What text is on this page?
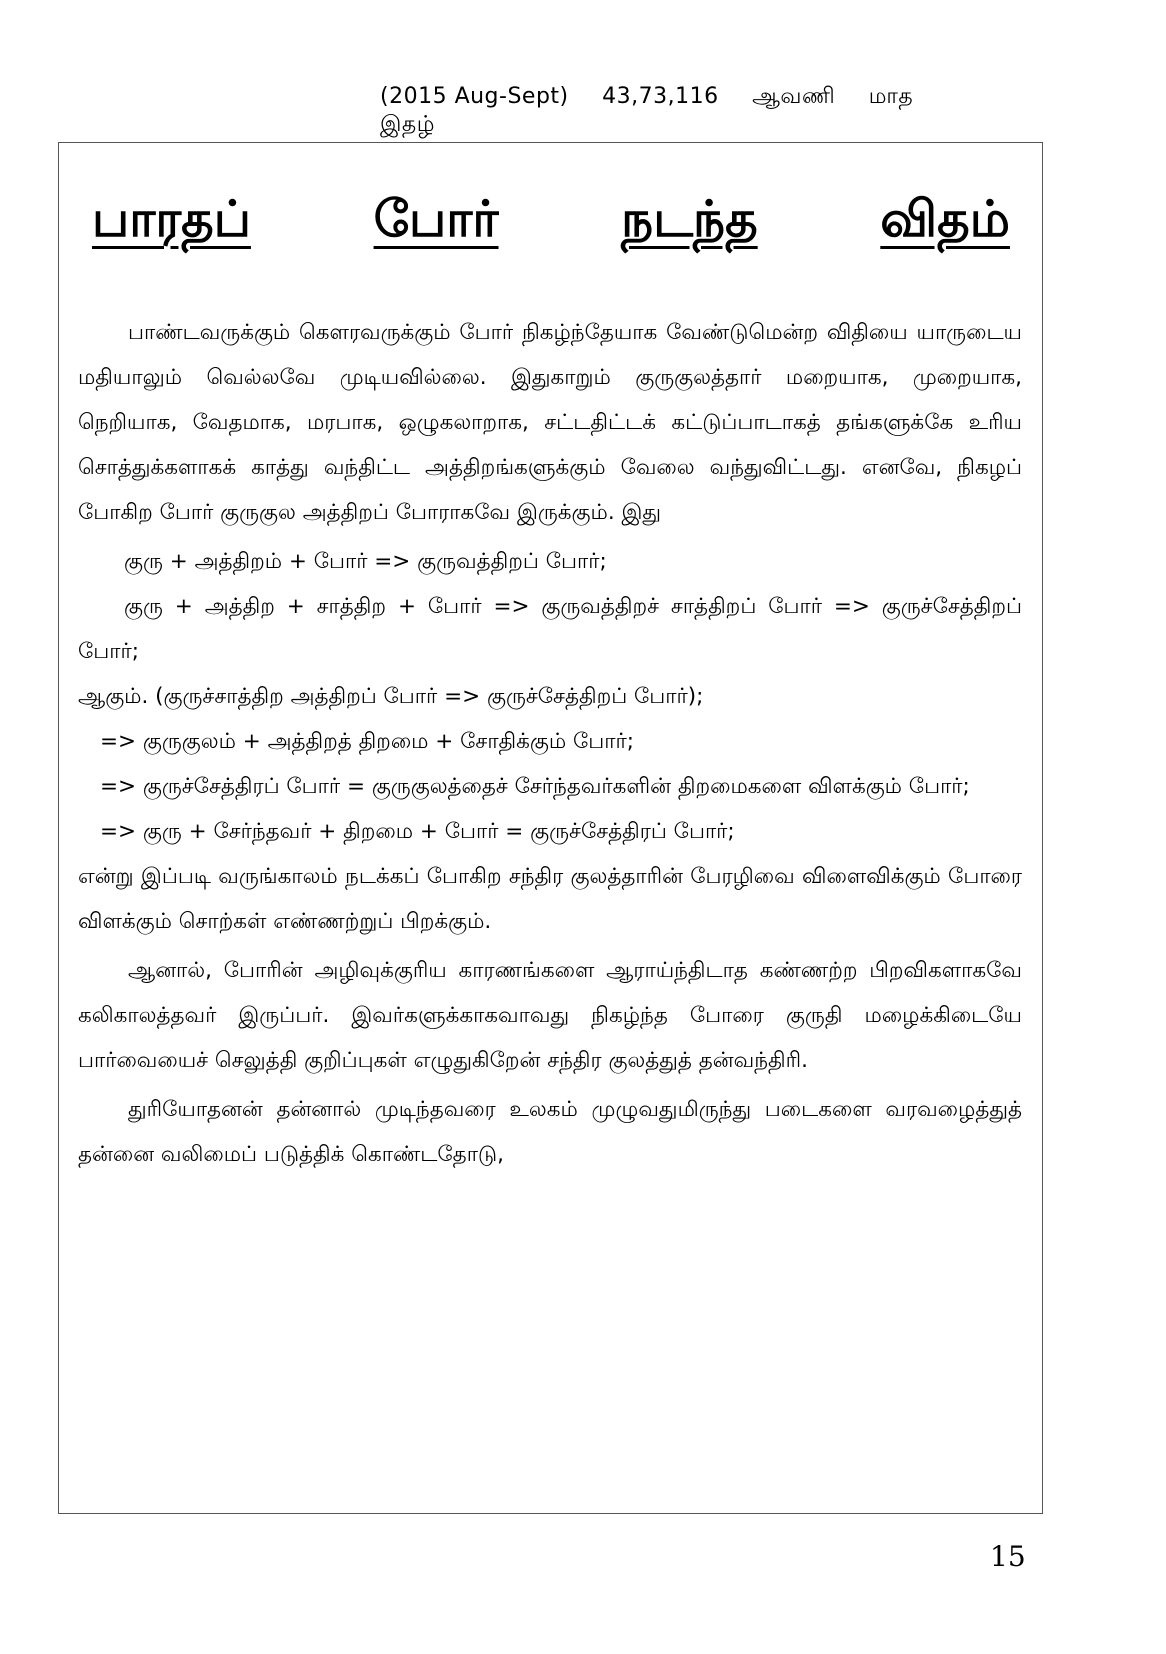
(2015 Aug-Sept) 43,73,116 ஆவணி மாத இதழ்
பாரதப் போர் நடந்த விதம்

பாண்டவருக்கும் கௌரவருக்கும் போர் நிகழ்ந்தேயாக வேண்டுமென்ற விதியை யாருடைய மதியாலும் வெல்லவே முடியவில்லை. இதுகாறும் குருகுலத்தார் மறையாக, முறையாக, நெறியாக, வேதமாக, மரபாக, ஒழுகலாறாக, சட்டதிட்டக் கட்டுப்பாடாகத் தங்களுக்கே உரிய சொத்துக்களாகக் காத்து வந்திட்ட அத்திறங்களுக்கும் வேலை வந்துவிட்டது. எனவே, நிகழப் போகிற போர் குருகுல அத்திறப் போராகவே இருக்கும். இது

குரு + அத்திறம் + போர் => குருவத்திறப் போர்;

குரு + அத்திற + சாத்திற + போர் => குருவத்திறச் சாத்திறப் போர் => குருச்சேத்திறப் போர்;

ஆகும். (குருச்சாத்திற அத்திறப் போர் => குருச்சேத்திறப் போர்);

=> குருகுலம் + அத்திறத் திறமை + சோதிக்கும் போர்;

=> குருச்சேத்திரப் போர் = குருகுலத்தைச் சேர்ந்தவர்களின் திறமைகளை விளக்கும் போர்;

=> குரு + சேர்ந்தவர் + திறமை + போர் = குருச்சேத்திரப் போர்;

என்று இப்படி வருங்காலம் நடக்கப் போகிற சந்திர குலத்தாரின் பேரழிவை விளைவிக்கும் போரை விளக்கும் சொற்கள் எண்ணற்றுப் பிறக்கும்.

ஆனால், போரின் அழிவுக்குரிய காரணங்களை ஆராய்ந்திடாத கண்ணற்ற பிறவிகளாகவே கலிகாலத்தவர் இருப்பர். இவர்களுக்காகவாவது நிகழ்ந்த போரை குருதி மழைக்கிடையே பார்வையைச் செலுத்தி குறிப்புகள் எழுதுகிறேன் சந்திர குலத்துத் தன்வந்திரி.

துரியோதனன் தன்னால் முடிந்தவரை உலகம் முழுவதுமிருந்து படைகளை வரவழைத்துத் தன்னை வலிமைப் படுத்திக் கொண்டதோடு,

15
